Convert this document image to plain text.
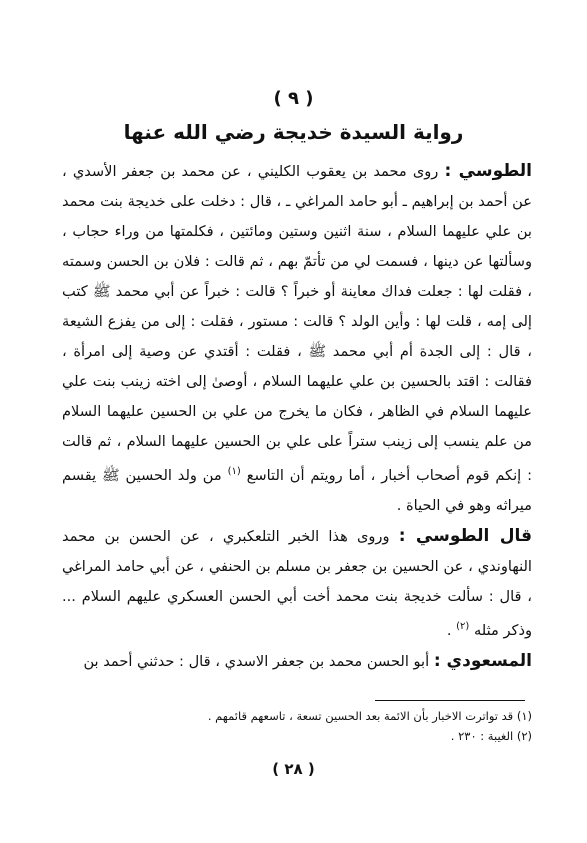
( ٩ )
رواية السيدة خديجة رضي الله عنها

الطوسي : روى محمد بن يعقوب الكليني ، عن محمد بن جعفر الأسدي ، عن أحمد بن إبراهيم ـ أبو حامد المراغي ـ ، قال : دخلت على خديجة بنت محمد بن علي عليهما السلام ، سنة اثنين وستين ومائتين ، فكلمتها من وراء حجاب ، وسألتها عن دينها ، فسمت لي من تأتمّ بهم ، ثم قالت : فلان بن الحسن وسمته ، فقلت لها : جعلت فداك معاينة أو خبراً ؟ قالت : خبراً عن أبي محمد ﷺ كتب إلى إمه ، قلت لها : وأين الولد ؟ قالت : مستور ، فقلت : إلى من يفزع الشيعة ، قال : إلى الجدة أم أبي محمد ﷺ ، فقلت : أقتدي عن وصية إلى امرأة ، فقالت : اقتد بالحسين بن علي عليهما السلام ، أوصىٰ إلى اخته زينب بنت علي عليهما السلام في الظاهر ، فكان ما يخرج من علي بن الحسين عليهما السلام من علم ينسب إلى زينب ستراً على علي بن الحسين عليهما السلام ، ثم قالت : إنكم قوم أصحاب أخبار ، أما رويتم أن التاسع $^{(١)}$ من ولد الحسين ﷺ يقسم ميراثه وهو في الحياة .

قال الطوسي : وروى هذا الخبر التلعكبري ، عن الحسن بن محمد النهاوندي ، عن الحسين بن جعفر بن مسلم بن الحنفي ، عن أبي حامد المراغي ، قال : سألت خديجة بنت محمد أخت أبي الحسن العسكري عليهم السلام ... وذكر مثله $^{(٢)}$ .

المسعودي : أبو الحسن محمد بن جعفر الاسدي ، قال : حدثني أحمد بن

(١) قد تواترت الاخبار بأن الائمة بعد الحسين تسعة ، تاسعهم قائمهم .

(٢) الغيبة : ٢٣٠ .

( ٢٨ )
